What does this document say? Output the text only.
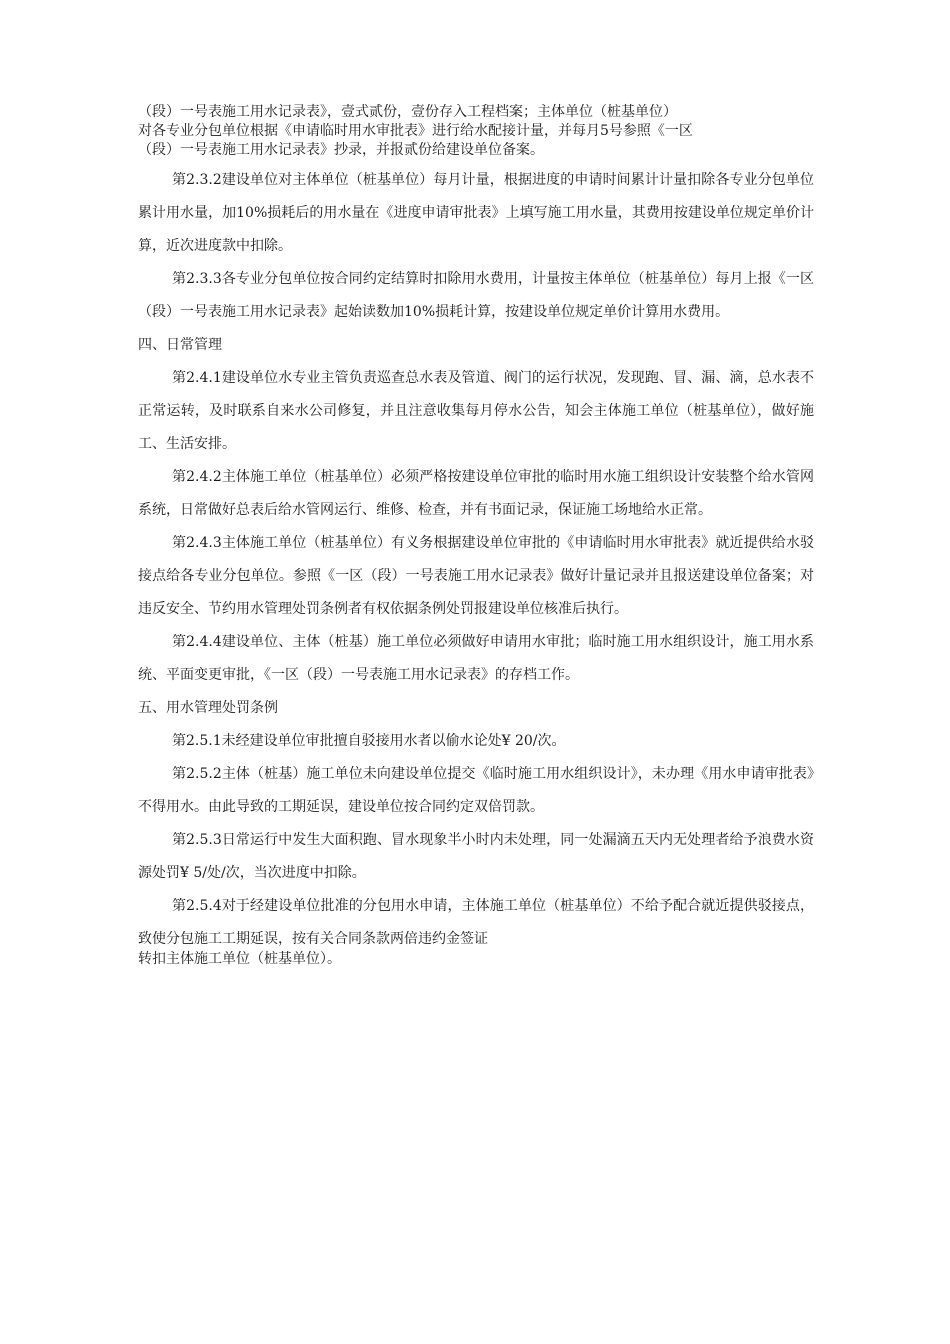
（段）一号表施工用水记录表》，壹式贰份，壹份存入工程档案；主体单位（桩基单位）

对各专业分包单位根据《申请临时用水审批表》进行给水配接计量，并每月5号参照《一区

（段）一号表施工用水记录表》抄录，并报贰份给建设单位备案。

第2.3.2建设单位对主体单位（桩基单位）每月计量，根据进度的申请时间累计计量扣除各专业分包单位累计用水量，加10%损耗后的用水量在《进度申请审批表》上填写施工用水量，其费用按建设单位规定单价计算，近次进度款中扣除。

第2.3.3各专业分包单位按合同约定结算时扣除用水费用，计量按主体单位（桩基单位）每月上报《一区（段）一号表施工用水记录表》起始读数加10%损耗计算，按建设单位规定单价计算用水费用。

四、日常管理

第2.4.1建设单位水专业主管负责巡查总水表及管道、阀门的运行状况，发现跑、冒、漏、滴，总水表不正常运转，及时联系自来水公司修复，并且注意收集每月停水公告，知会主体施工单位（桩基单位），做好施工、生活安排。

第2.4.2主体施工单位（桩基单位）必须严格按建设单位审批的临时用水施工组织设计安装整个给水管网系统，日常做好总表后给水管网运行、维修、检查，并有书面记录，保证施工场地给水正常。

第2.4.3主体施工单位（桩基单位）有义务根据建设单位审批的《申请临时用水审批表》就近提供给水驳接点给各专业分包单位。参照《一区（段）一号表施工用水记录表》做好计量记录并且报送建设单位备案；对违反安全、节约用水管理处罚条例者有权依据条例处罚报建设单位核准后执行。

第2.4.4建设单位、主体（桩基）施工单位必须做好申请用水审批；临时施工用水组织设计，施工用水系统、平面变更审批，《一区（段）一号表施工用水记录表》的存档工作。

五、用水管理处罚条例

第2.5.1未经建设单位审批擅自驳接用水者以偷水论处¥ 20/次。

第2.5.2主体（桩基）施工单位未向建设单位提交《临时施工用水组织设计》，未办理《用水申请审批表》不得用水。由此导致的工期延误，建设单位按合同约定双倍罚款。

第2.5.3日常运行中发生大面积跑、冒水现象半小时内未处理，同一处漏滴五天内无处理者给予浪费水资源处罚¥ 5/处/次，当次进度中扣除。

第2.5.4对于经建设单位批准的分包用水申请，主体施工单位（桩基单位）不给予配合就近提供驳接点，致使分包施工工期延误，按有关合同条款两倍违约金签证

转扣主体施工单位（桩基单位）。
